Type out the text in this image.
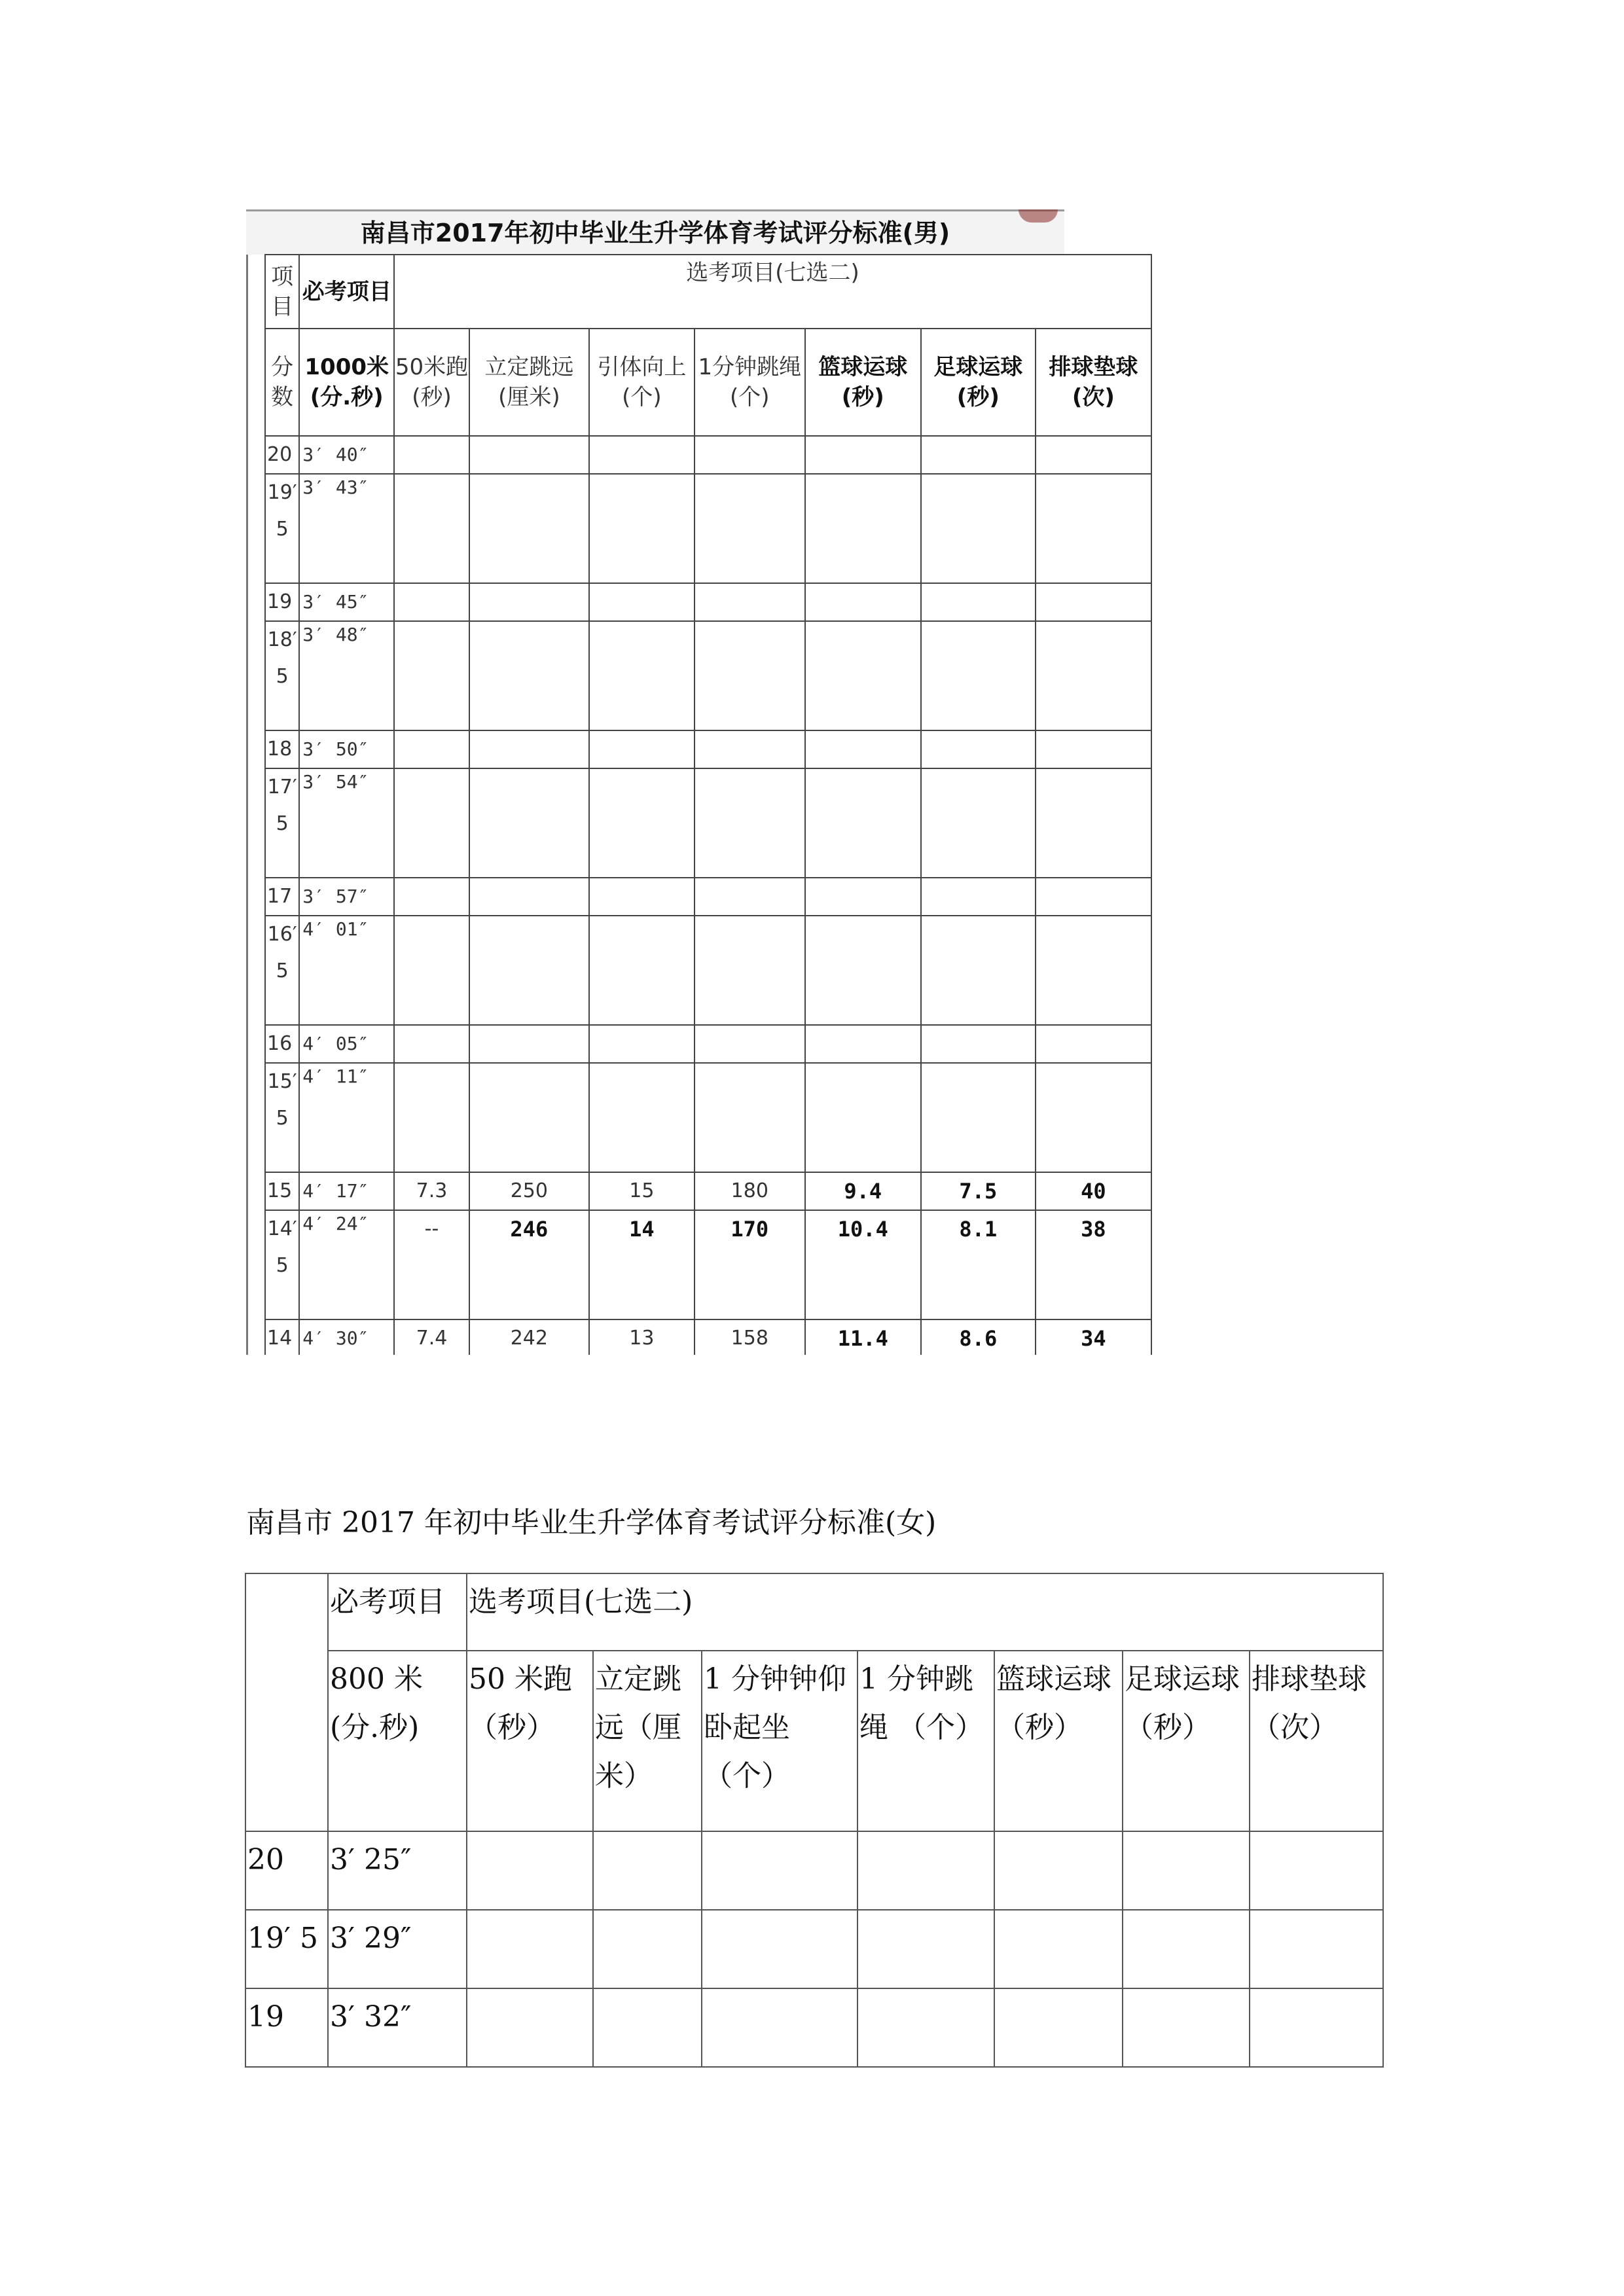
南昌市2017年初中毕业生升学体育考试评分标准(男)
项目	必考项目	选考项目(七选二)						
分数	1000米(分.秒)	50米跑(秒)	立定跳远(厘米)	引体向上(个)	1分钟跳绳(个)	篮球运球(秒)	足球运球(秒)	排球垫球(次)
20	3′ 40″							
19′5	3′ 43″							
19	3′ 45″							
18′5	3′ 48″							
18	3′ 50″							
17′5	3′ 54″							
17	3′ 57″							
16′5	4′ 01″							
16	4′ 05″							
15′5	4′ 11″							
15	4′ 17″	7.3	250	15	180	9.4	7.5	40
14′5	4′ 24″	--	246	14	170	10.4	8.1	38
14	4′ 30″	7.4	242	13	158	11.4	8.6	34
南昌市 2017 年初中毕业生升学体育考试评分标准(女)
	必考项目	选考项目(七选二)						
	800 米(分.秒)	50 米跑（秒）	立定跳远（厘米）	1 分钟钟仰卧起坐（个）	1 分钟跳绳 （个）	篮球运球（秒）	足球运球（秒）	排球垫球 （次）
20	3′ 25″							
19′ 5	3′ 29″							
19	3′ 32″							
